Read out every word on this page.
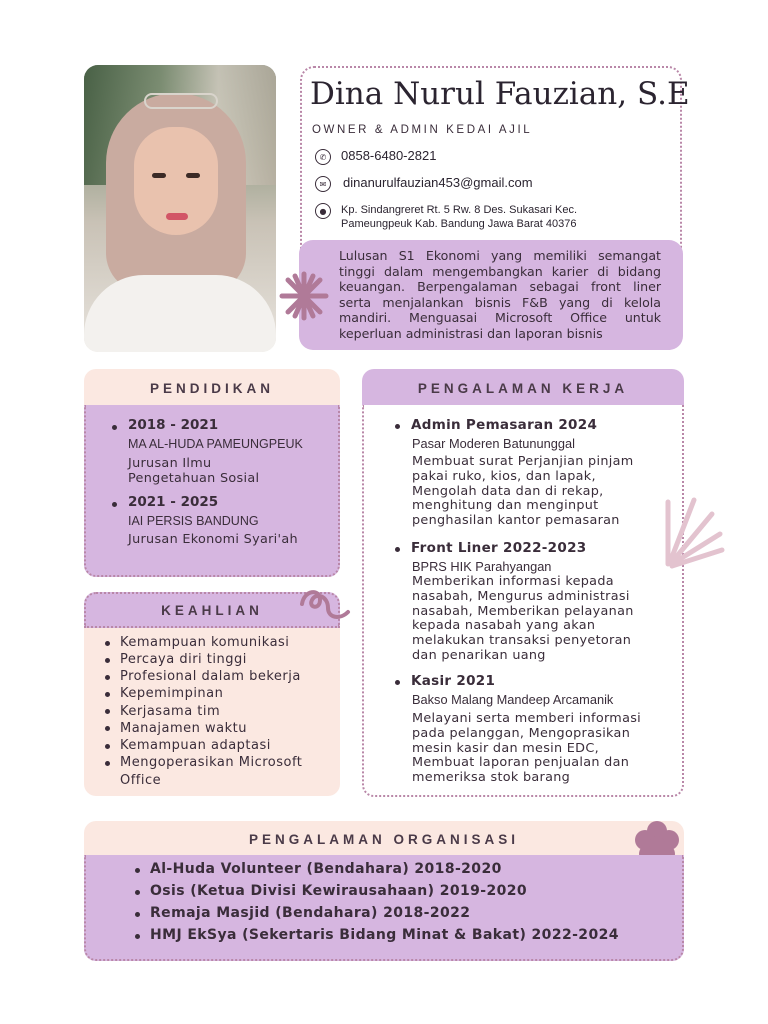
Dina Nurul Fauzian, S.E
OWNER & ADMIN KEDAI AJIL
✆	0858-6480-2821
✉	dinanurulfauzian453@gmail.com
●	Kp. Sindangreret Rt. 5 Rw. 8 Des. Sukasari Kec.
Pameungpeuk Kab. Bandung Jawa Barat 40376
Lulusan S1 Ekonomi yang memiliki semangat tinggi dalam mengembangkan karier di bidang keuangan. Berpengalaman sebagai front liner serta menjalankan bisnis F&B yang di kelola mandiri. Menguasai Microsoft Office untuk keperluan administrasi dan laporan bisnis
PENDIDIKAN
2018 - 2021
MA AL-HUDA PAMEUNGPEUK
Jurusan Ilmu
Pengetahuan Sosial
2021 - 2025
IAI PERSIS BANDUNG
Jurusan Ekonomi Syari'ah
KEAHLIAN
Kemampuan komunikasi
Percaya diri tinggi
Profesional dalam bekerja
Kepemimpinan
Kerjasama tim
Manajamen waktu
Kemampuan adaptasi
Mengoperasikan Microsoft
Office
PENGALAMAN KERJA
Admin Pemasaran 2024
Pasar Moderen Batununggal
Membuat surat Perjanjian pinjam
pakai ruko, kios, dan lapak,
Mengolah data dan di rekap,
menghitung dan menginput
penghasilan kantor pemasaran
Front Liner 2022-2023
BPRS HIK Parahyangan
Memberikan informasi kepada
nasabah, Mengurus administrasi
nasabah, Memberikan pelayanan
kepada nasabah yang akan
melakukan transaksi penyetoran
dan penarikan uang
Kasir 2021
Bakso Malang Mandeep Arcamanik
Melayani serta memberi informasi
pada pelanggan, Mengoprasikan
mesin kasir dan mesin EDC,
Membuat laporan penjualan dan
memeriksa stok barang
PENGALAMAN ORGANISASI
Al-Huda Volunteer (Bendahara) 2018-2020
Osis (Ketua Divisi Kewirausahaan) 2019-2020
Remaja Masjid (Bendahara) 2018-2022
HMJ EkSya (Sekertaris Bidang Minat & Bakat) 2022-2024
